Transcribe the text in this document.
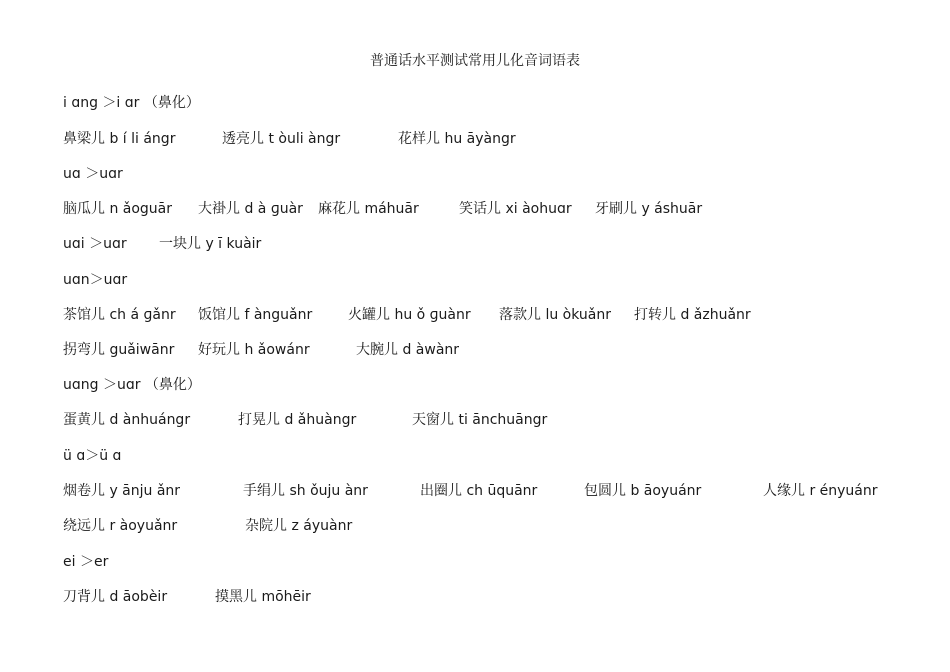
普通话水平测试常用儿化音词语表
i ɑng ＞i ɑr （鼻化）
鼻梁儿 b í li ángr	透亮儿 t òuli àngr	花样儿 hu āyàngr
uɑ ＞uɑr
脑瓜儿 n ǎoguār 大褂儿 d à ɡuàr 麻花儿 máhuār	笑话儿 xi àohuɑr 牙刷儿 y áshuār
uɑi ＞uɑr 一块儿 y ī kuàir
uɑn＞uɑr
茶馆儿 ch á ɡǎnr 饭馆儿 f ànguǎnr	火罐儿 hu ǒ ɡuànr 落款儿 lu òkuǎnr 打转儿 d ǎzhuǎnr
拐弯儿 guǎiwānr 好玩儿 h ǎowánr	大腕儿 d àwànr
uɑng ＞uɑr （鼻化）
蛋黄儿 d ànhuángr	打晃儿 d ǎhuàngr	天窗儿 ti ānchuāngr
ü ɑ＞ü ɑ
烟卷儿 y ānju ǎnr	手绢儿 sh ǒuju ànr	出圈儿 ch ūquānr	包圆儿 b āoyuánr	人缘儿 r ényuánr
绕远儿 r àoyuǎnr	杂院儿 z áyuànr
ei ＞er
刀背儿 d āobèir	摸黑儿 mōhēir
